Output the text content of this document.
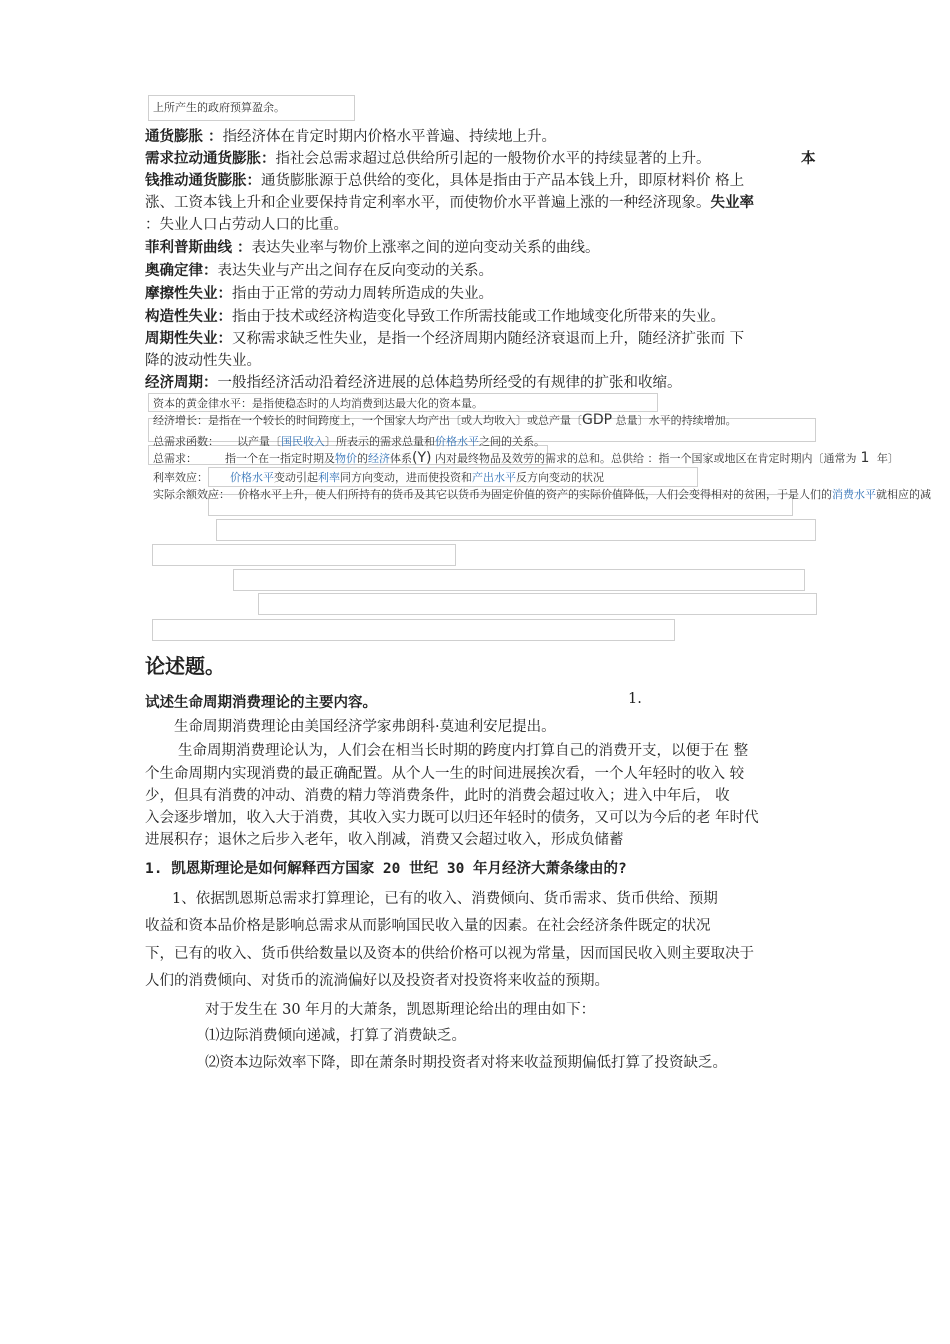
上所产生的政府预算盈余。
通货膨胀 ：指经济体在肯定时期内价格水平普遍、持续地上升。
需求拉动通货膨胀：指社会总需求超过总供给所引起的一般物价水平的持续显著的上升。	本
钱推动通货膨胀：通货膨胀源于总供给的变化，具体是指由于产品本钱上升，即原材料价 格上
涨、工资本钱上升和企业要保持肯定利率水平，而使物价水平普遍上涨的一种经济现象。失业率
：失业人口占劳动人口的比重。
菲利普斯曲线 ：表达失业率与物价上涨率之间的逆向变动关系的曲线。
奥确定律：表达失业与产出之间存在反向变动的关系。
摩擦性失业：指由于正常的劳动力周转所造成的失业。
构造性失业：指由于技术或经济构造变化导致工作所需技能或工作地域变化所带来的失业。
周期性失业：又称需求缺乏性失业，是指一个经济周期内随经济衰退而上升，随经济扩张而 下
降的波动性失业。
经济周期：一般指经济活动沿着经济进展的总体趋势所经受的有规律的扩张和收缩。
资本的黄金律水平：是指使稳态时的人均消费到达最大化的资本量。
经济增长：是指在一个较长的时间跨度上，一个国家人均产出〔或人均收入〕或总产量〔GDP 总量〕水平的持续增加。
总需求函数： 以产量〔国民收入〕所表示的需求总量和价格水平之间的关系。
总需求：	指一个在一指定时期及物价的经济体系(Y) 内对最终物品及效劳的需求的总和。总供给 ：指一个国家或地区在肯定时期内〔通常为 1 年〕
利率效应： 价格水平变动引起利率同方向变动，进而使投资和产出水平反方向变动的状况
实际余额效应： 价格水平上升，使人们所持有的货币及其它以货币为固定价值的资产的实际价值降低，人们会变得相对的贫困，于是人们的消费水平就相应的减
论述题。
试述生命周期消费理论的主要内容。	1.
生命周期消费理论由美国经济学家弗朗科·莫迪利安尼提出。
生命周期消费理论认为，人们会在相当长时期的跨度内打算自己的消费开支，以便于在 整
个生命周期内实现消费的最正确配置。从个人一生的时间进展挨次看，一个人年轻时的收入 较
少，但具有消费的冲动、消费的精力等消费条件，此时的消费会超过收入；进入中年后， 收
入会逐步增加，收入大于消费，其收入实力既可以归还年轻时的债务，又可以为今后的老 年时代
进展积存；退休之后步入老年，收入削减，消费又会超过收入，形成负储蓄
1. 凯恩斯理论是如何解释西方国家 20 世纪 30 年月经济大萧条缘由的?
1、依据凯恩斯总需求打算理论，已有的收入、消费倾向、货币需求、货币供给、预期
收益和资本品价格是影响总需求从而影响国民收入量的因素。在社会经济条件既定的状况
下，已有的收入、货币供给数量以及资本的供给价格可以视为常量，因而国民收入则主要取决于
人们的消费倾向、对货币的流淌偏好以及投资者对投资将来收益的预期。
对于发生在 30 年月的大萧条，凯恩斯理论给出的理由如下：
⑴边际消费倾向递减，打算了消费缺乏。
⑵资本边际效率下降，即在萧条时期投资者对将来收益预期偏低打算了投资缺乏。
